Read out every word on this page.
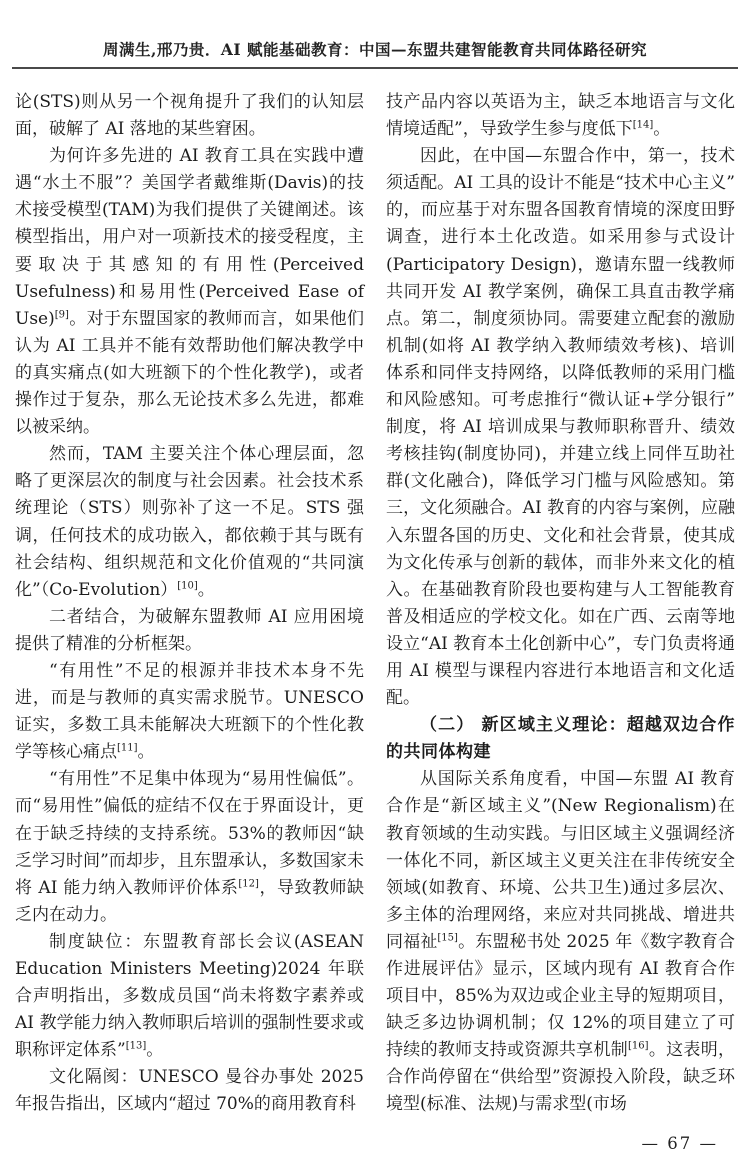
周满生,邢乃贵．AI 赋能基础教育：中国—东盟共建智能教育共同体路径研究

论(STS)则从另一个视角提升了我们的认知层面，破解了 AI 落地的某些窘困。

为何许多先进的 AI 教育工具在实践中遭遇“水土不服”？美国学者戴维斯(Davis)的技术接受模型(TAM)为我们提供了关键阐述。该模型指出，用户对一项新技术的接受程度，主要取决于其感知的有用性(Perceived Usefulness)和易用性(Perceived Ease of Use)[9]。对于东盟国家的教师而言，如果他们认为 AI 工具并不能有效帮助他们解决教学中的真实痛点(如大班额下的个性化教学)，或者操作过于复杂，那么无论技术多么先进，都难以被采纳。

然而，TAM 主要关注个体心理层面，忽略了更深层次的制度与社会因素。社会技术系统理论（STS）则弥补了这一不足。STS 强调，任何技术的成功嵌入，都依赖于其与既有社会结构、组织规范和文化价值观的“共同演化”（Co-Evolution）[10]。

二者结合，为破解东盟教师 AI 应用困境提供了精准的分析框架。

“有用性”不足的根源并非技术本身不先进，而是与教师的真实需求脱节。UNESCO 证实，多数工具未能解决大班额下的个性化教学等核心痛点[11]。

“有用性”不足集中体现为“易用性偏低”。而“易用性”偏低的症结不仅在于界面设计，更在于缺乏持续的支持系统。53%的教师因“缺乏学习时间”而却步，且东盟承认，多数国家未将 AI 能力纳入教师评价体系[12]，导致教师缺乏内在动力。

制度缺位：东盟教育部长会议(ASEAN Education Ministers Meeting)2024 年联合声明指出，多数成员国“尚未将数字素养或 AI 教学能力纳入教师职后培训的强制性要求或职称评定体系”[13]。

文化隔阂：UNESCO 曼谷办事处 2025 年报告指出，区域内“超过 70%的商用教育科

技产品内容以英语为主，缺乏本地语言与文化情境适配”，导致学生参与度低下[14]。

因此，在中国—东盟合作中，第一，技术须适配。AI 工具的设计不能是“技术中心主义”的，而应基于对东盟各国教育情境的深度田野调查，进行本土化改造。如采用参与式设计(Participatory Design)，邀请东盟一线教师共同开发 AI 教学案例，确保工具直击教学痛点。第二，制度须协同。需要建立配套的激励机制(如将 AI 教学纳入教师绩效考核)、培训体系和同伴支持网络，以降低教师的采用门槛和风险感知。可考虑推行“微认证+学分银行”制度，将 AI 培训成果与教师职称晋升、绩效考核挂钩(制度协同)，并建立线上同伴互助社群(文化融合)，降低学习门槛与风险感知。第三，文化须融合。AI 教育的内容与案例，应融入东盟各国的历史、文化和社会背景，使其成为文化传承与创新的载体，而非外来文化的植入。在基础教育阶段也要构建与人工智能教育普及相适应的学校文化。如在广西、云南等地设立“AI 教育本土化创新中心”，专门负责将通用 AI 模型与课程内容进行本地语言和文化适配。

（二） 新区域主义理论：超越双边合作的共同体构建

从国际关系角度看，中国—东盟 AI 教育合作是“新区域主义”(New Regionalism)在教育领域的生动实践。与旧区域主义强调经济一体化不同，新区域主义更关注在非传统安全领域(如教育、环境、公共卫生)通过多层次、多主体的治理网络，来应对共同挑战、增进共同福祉[15]。东盟秘书处 2025 年《数字教育合作进展评估》显示，区域内现有 AI 教育合作项目中，85%为双边或企业主导的短期项目，缺乏多边协调机制；仅 12%的项目建立了可持续的教师支持或资源共享机制[16]。这表明，合作尚停留在“供给型”资源投入阶段，缺乏环境型(标准、法规)与需求型(市场

— 67 —
